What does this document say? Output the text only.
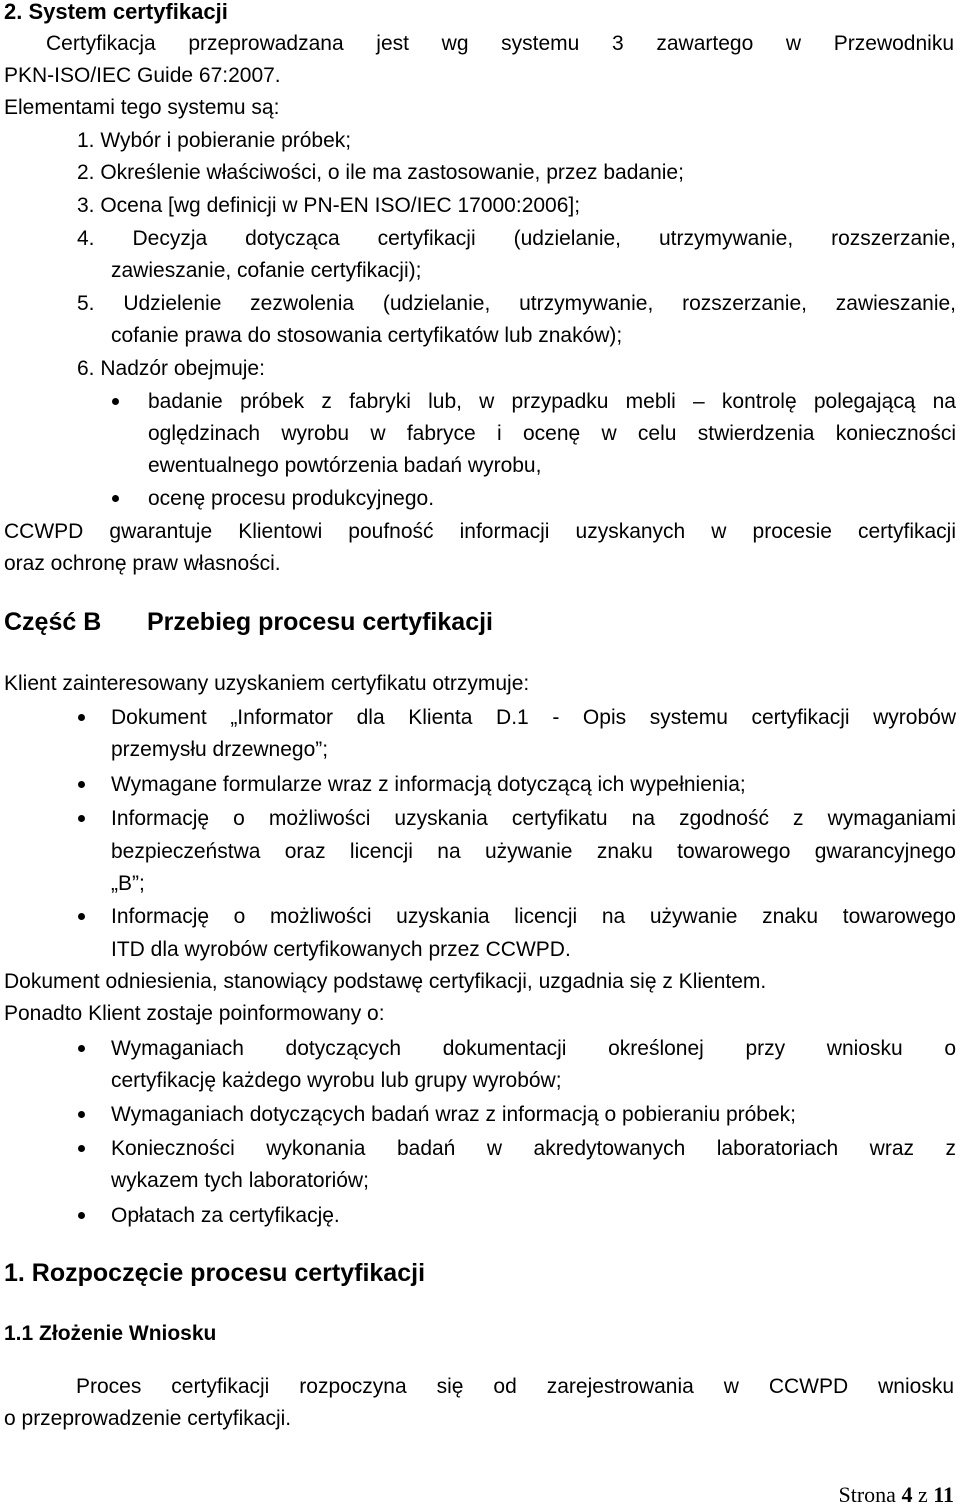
2. System certyfikacji
Certyfikacja przeprowadzana jest wg systemu 3 zawartego w Przewodniku
PKN-ISO/IEC Guide 67:2007.
Elementami tego systemu są:
1. Wybór i pobieranie próbek;
2. Określenie właściwości, o ile ma zastosowanie, przez badanie;
3. Ocena [wg definicji w PN-EN ISO/IEC 17000:2006];
4. Decyzja dotycząca certyfikacji (udzielanie, utrzymywanie, rozszerzanie,
zawieszanie, cofanie certyfikacji);
5. Udzielenie zezwolenia (udzielanie, utrzymywanie, rozszerzanie, zawieszanie,
cofanie prawa do stosowania certyfikatów lub znaków);
6. Nadzór obejmuje:
badanie próbek z fabryki lub, w przypadku mebli – kontrolę polegającą na
oględzinach wyrobu w fabryce i ocenę w celu stwierdzenia konieczności
ewentualnego powtórzenia badań wyrobu,
ocenę procesu produkcyjnego.
CCWPD gwarantuje Klientowi poufność informacji uzyskanych w procesie certyfikacji
oraz ochronę praw własności.
Część B	Przebieg procesu certyfikacji
Klient zainteresowany uzyskaniem certyfikatu otrzymuje:
Dokument „Informator dla Klienta D.1 - Opis systemu certyfikacji wyrobów
przemysłu drzewnego”;
Wymagane formularze wraz z informacją dotyczącą ich wypełnienia;
Informację o możliwości uzyskania certyfikatu na zgodność z wymaganiami
bezpieczeństwa oraz licencji na używanie znaku towarowego gwarancyjnego
„B”;
Informację o możliwości uzyskania licencji na używanie znaku towarowego
ITD dla wyrobów certyfikowanych przez CCWPD.
Dokument odniesienia, stanowiący podstawę certyfikacji, uzgadnia się z Klientem.
Ponadto Klient zostaje poinformowany o:
Wymaganiach dotyczących dokumentacji określonej przy wniosku o
certyfikację każdego wyrobu lub grupy wyrobów;
Wymaganiach dotyczących badań wraz z informacją o pobieraniu próbek;
Konieczności wykonania badań w akredytowanych laboratoriach wraz z
wykazem tych laboratoriów;
Opłatach za certyfikację.
1. Rozpoczęcie procesu certyfikacji
1.1 Złożenie Wniosku
Proces certyfikacji rozpoczyna się od zarejestrowania w CCWPD wniosku
o przeprowadzenie certyfikacji.
Strona 4 z 11
